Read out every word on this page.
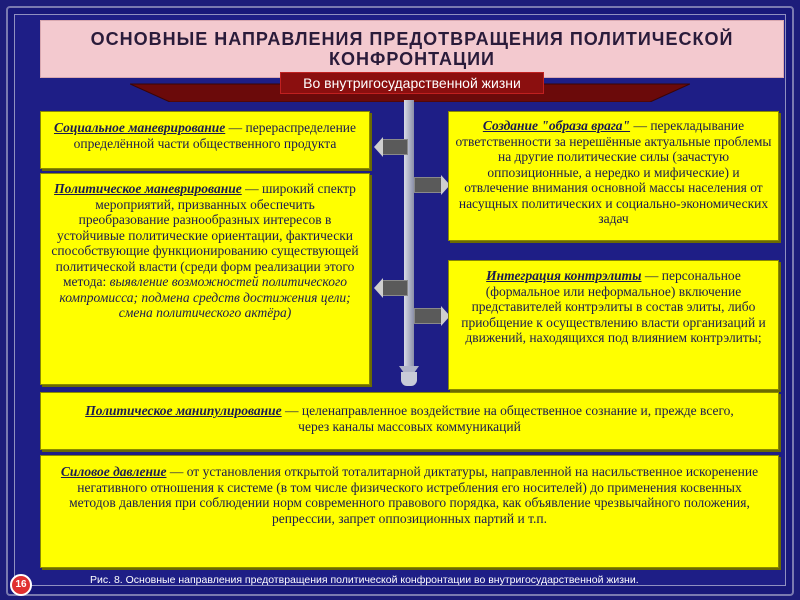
ОСНОВНЫЕ НАПРАВЛЕНИЯ ПРЕДОТВРАЩЕНИЯ ПОЛИТИЧЕСКОЙ КОНФРОНТАЦИИ
Во внутригосударственной жизни
Социальное маневрирование — перераспределение определённой части общественного продукта
Политическое маневрирование — широкий спектр мероприятий, призванных обеспечить преобразование разнообразных интересов в устойчивые политические ориентации, фактически способствующие функционированию существующей политической власти (среди форм реализации этого метода: выявление возможностей политического компромисса; подмена средств достижения цели; смена политического актёра)
Создание "образа врага" — перекладывание ответственности за нерешённые актуальные проблемы на другие политические силы (зачастую оппозиционные, а нередко и мифические) и отвлечение внимания основной массы населения от насущных политических и социально-экономических задач
Интеграция контрэлиты — персональное (формальное или неформальное) включение представителей контрэлиты в состав элиты, либо приобщение к осуществлению власти организаций и движений, находящихся под влиянием контрэлиты;
Политическое манипулирование — целенаправленное воздействие на общественное сознание и, прежде всего, через каналы массовых коммуникаций
Силовое давление — от установления открытой тоталитарной диктатуры, направленной на насильственное искоренение негативного отношения к системе (в том числе физического истребления его носителей) до применения косвенных методов давления при соблюдении норм современного правового порядка, как объявление чрезвычайного положения, репрессии, запрет оппозиционных партий и т.п.
16	Рис. 8. Основные направления предотвращения политической конфронтации во внутригосударственной жизни.
